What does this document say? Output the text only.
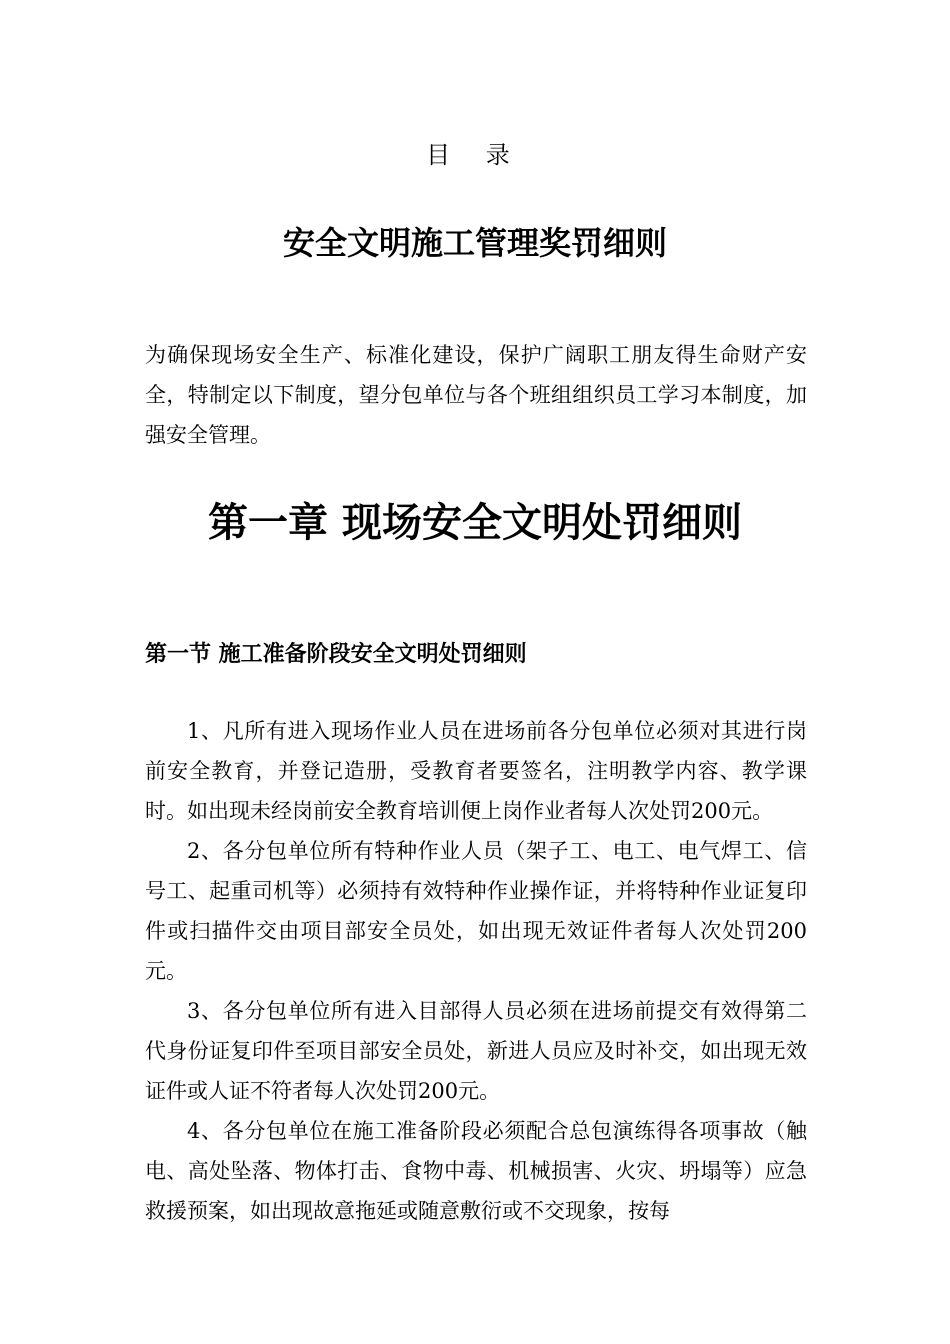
目 录
安全文明施工管理奖罚细则
为确保现场安全生产、标准化建设，保护广阔职工朋友得生命财产安全，特制定以下制度，望分包单位与各个班组组织员工学习本制度，加强安全管理。
第一章 现场安全文明处罚细则
第一节 施工准备阶段安全文明处罚细则

1、凡所有进入现场作业人员在进场前各分包单位必须对其进行岗前安全教育，并登记造册，受教育者要签名，注明教学内容、教学课时。如出现未经岗前安全教育培训便上岗作业者每人次处罚200元。

2、各分包单位所有特种作业人员（架子工、电工、电气焊工、信号工、起重司机等）必须持有效特种作业操作证，并将特种作业证复印件或扫描件交由项目部安全员处，如出现无效证件者每人次处罚200元。

3、各分包单位所有进入目部得人员必须在进场前提交有效得第二代身份证复印件至项目部安全员处，新进人员应及时补交，如出现无效证件或人证不符者每人次处罚200元。

4、各分包单位在施工准备阶段必须配合总包演练得各项事故（触电、高处坠落、物体打击、食物中毒、机械损害、火灾、坍塌等）应急救援预案，如出现故意拖延或随意敷衍或不交现象，按每
